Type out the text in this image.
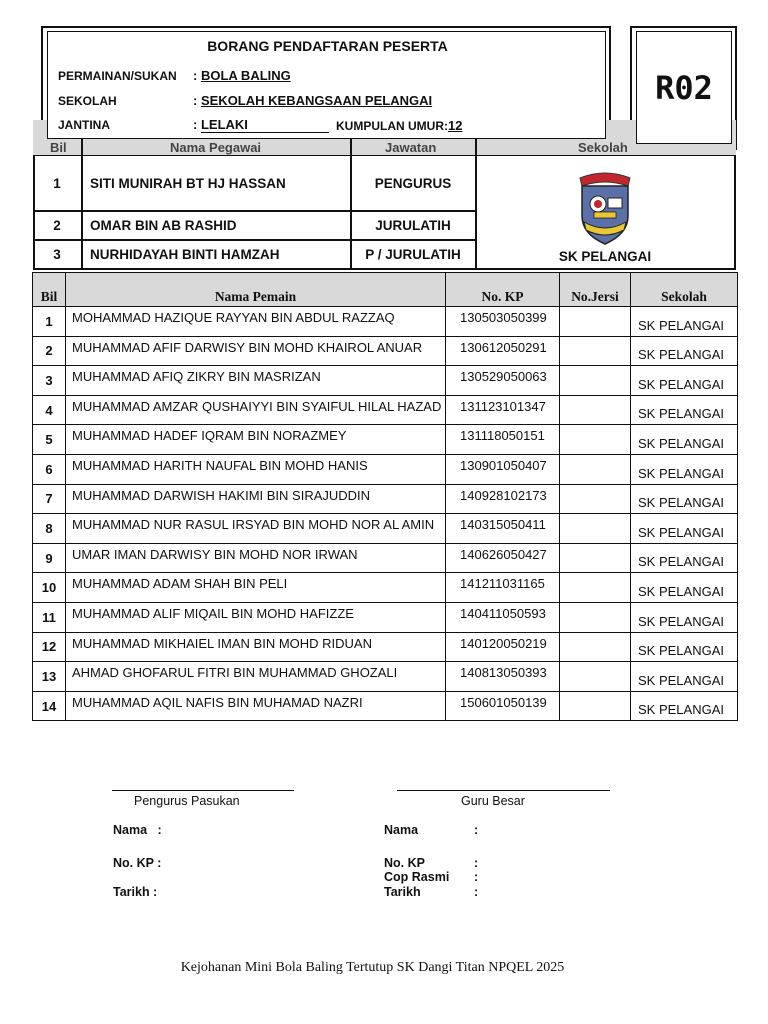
BORANG PENDAFTARAN PESERTA
PERMAINAN/SUKAN : BOLA BALING
SEKOLAH	: SEKOLAH KEBANGSAAN PELANGAI
JANTINA	: LELAKI	KUMPULAN UMUR:12
R02
Bil	Nama Pegawai	Jawatan	Sekolah
1	SITI MUNIRAH BT HJ HASSAN	PENGURUS
2	OMAR BIN AB RASHID	JURULATIH
3	NURHIDAYAH BINTI HAMZAH	P / JURULATIH	SK PELANGAI
Bil	Nama Pemain	No. KP	No.Jersi	Sekolah
1	MOHAMMAD HAZIQUE RAYYAN BIN ABDUL RAZZAQ	130503050399		SK PELANGAI
2	MUHAMMAD AFIF DARWISY BIN MOHD KHAIROL ANUAR	130612050291		SK PELANGAI
3	MUHAMMAD AFIQ ZIKRY BIN MASRIZAN	130529050063		SK PELANGAI
4	MUHAMMAD AMZAR QUSHAIYYI BIN SYAIFUL HILAL HAZAD	131123101347		SK PELANGAI
5	MUHAMMAD HADEF IQRAM BIN NORAZMEY	131118050151		SK PELANGAI
6	MUHAMMAD HARITH NAUFAL BIN MOHD HANIS	130901050407		SK PELANGAI
7	MUHAMMAD DARWISH HAKIMI BIN SIRAJUDDIN	140928102173		SK PELANGAI
8	MUHAMMAD NUR RASUL IRSYAD BIN MOHD NOR AL AMIN	140315050411		SK PELANGAI
9	UMAR IMAN DARWISY BIN MOHD NOR IRWAN	140626050427		SK PELANGAI
10	MUHAMMAD ADAM SHAH BIN PELI	141211031165		SK PELANGAI
11	MUHAMMAD ALIF MIQAIL BIN MOHD HAFIZZE	140411050593		SK PELANGAI
12	MUHAMMAD MIKHAIEL IMAN BIN MOHD RIDUAN	140120050219		SK PELANGAI
13	AHMAD GHOFARUL FITRI BIN MUHAMMAD GHOZALI	140813050393		SK PELANGAI
14	MUHAMMAD AQIL NAFIS BIN MUHAMAD NAZRI	150601050139		SK PELANGAI
Pengurus Pasukan	Guru Besar
Nama   :
No. KP :
Tarikh :
Nama	:
No. KP	:
Cop Rasmi :
Tarikh	:
Kejohanan Mini Bola Baling Tertutup SK Dangi Titan NPQEL 2025
